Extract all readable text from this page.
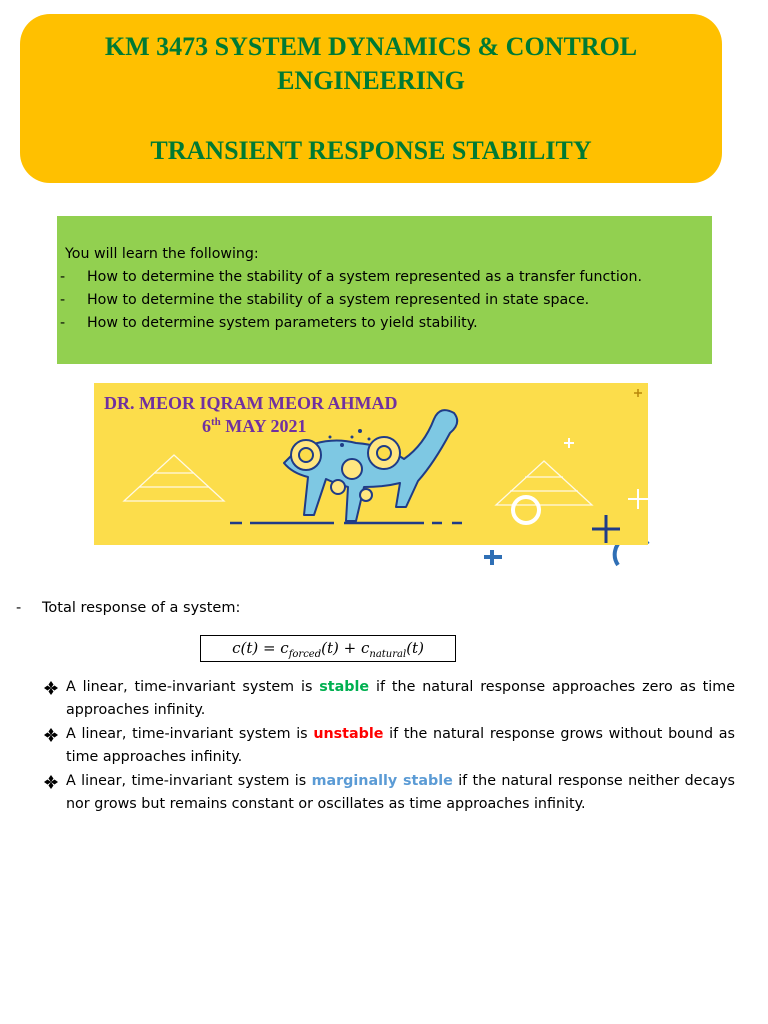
KM 3473 SYSTEM DYNAMICS & CONTROL
ENGINEERING
TRANSIENT RESPONSE STABILITY
You will learn the following:
- How to determine the stability of a system represented as a transfer function.
- How to determine the stability of a system represented in state space.
- How to determine system parameters to yield stability.
DR. MEOR IQRAM MEOR AHMAD
6th MAY 2021
- Total response of a system:
$c(t) = c_{forced}(t) + c_{natural}(t)$
A linear, time-invariant system is stable if the natural response approaches zero as time approaches infinity.
A linear, time-invariant system is unstable if the natural response grows without bound as time approaches infinity.
A linear, time-invariant system is marginally stable if the natural response neither decays nor grows but remains constant or oscillates as time approaches infinity.
